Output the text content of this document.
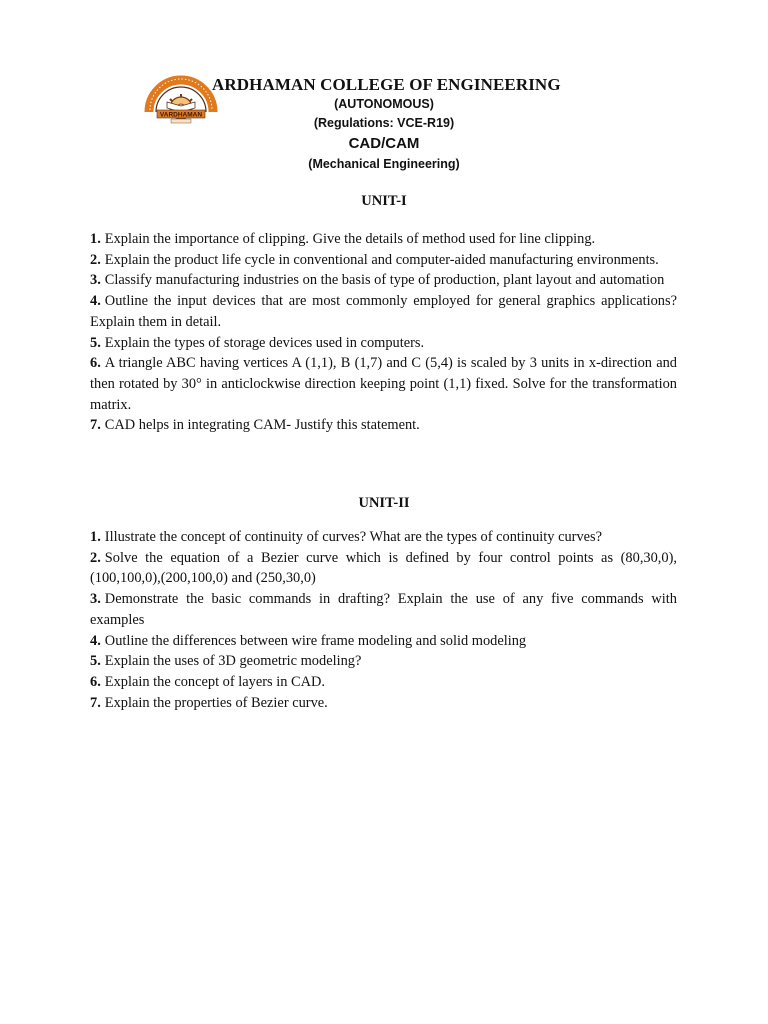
VARDHAMAN
ARDHAMAN COLLEGE OF ENGINEERING
(AUTONOMOUS)
(Regulations: VCE-R19)
CAD/CAM
(Mechanical Engineering)
UNIT-I
1. Explain the importance of clipping. Give the details of method used for line clipping.
2. Explain the product life cycle in conventional and computer-aided manufacturing environments.
3. Classify manufacturing industries on the basis of type of production, plant layout and automation
4. Outline the input devices that are most commonly employed for general graphics applications? Explain them in detail.
5. Explain the types of storage devices used in computers.
6. A triangle ABC having vertices A (1,1), B (1,7) and C (5,4) is scaled by 3 units in x-direction and then rotated by 30° in anticlockwise direction keeping point (1,1) fixed. Solve for the transformation matrix.
7. CAD helps in integrating CAM- Justify this statement.
UNIT-II
1. Illustrate the concept of continuity of curves? What are the types of continuity curves?
2. Solve the equation of a Bezier curve which is defined by four control points as (80,30,0), (100,100,0),(200,100,0) and (250,30,0)
3. Demonstrate the basic commands in drafting? Explain the use of any five commands with examples
4. Outline the differences between wire frame modeling and solid modeling
5. Explain the uses of 3D geometric modeling?
6. Explain the concept of layers in CAD.
7. Explain the properties of Bezier curve.
